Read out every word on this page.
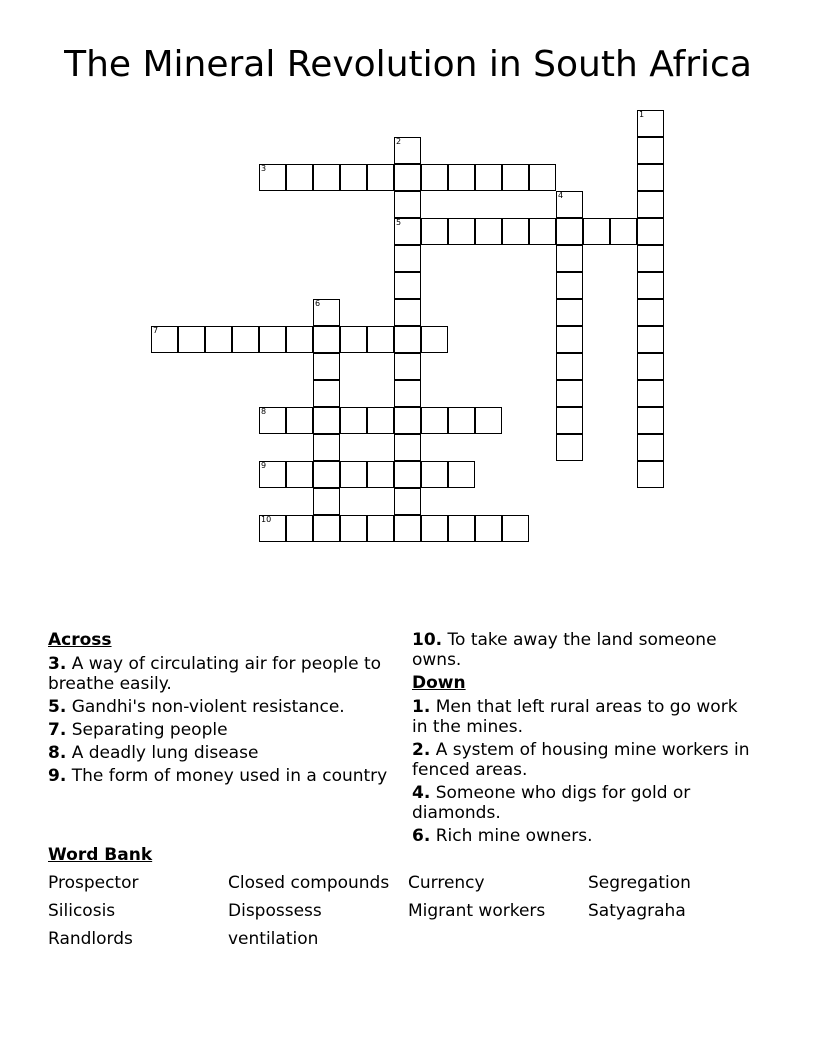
The Mineral Revolution in South Africa
1
2
5
3
4
6
7
8
9
10
Across
3. A way of circulating air for people to breathe easily.
5. Gandhi's non-violent resistance.
7. Separating people
8. A deadly lung disease
9. The form of money used in a country
10. To take away the land someone owns.
Down
1. Men that left rural areas to go work in the mines.
2. A system of housing mine workers in fenced areas.
4. Someone who digs for gold or diamonds.
6. Rich mine owners.
Word Bank
Prospector	Closed compounds	Currency	Segregation
Silicosis	Dispossess	Migrant workers	Satyagraha
Randlords	ventilation
